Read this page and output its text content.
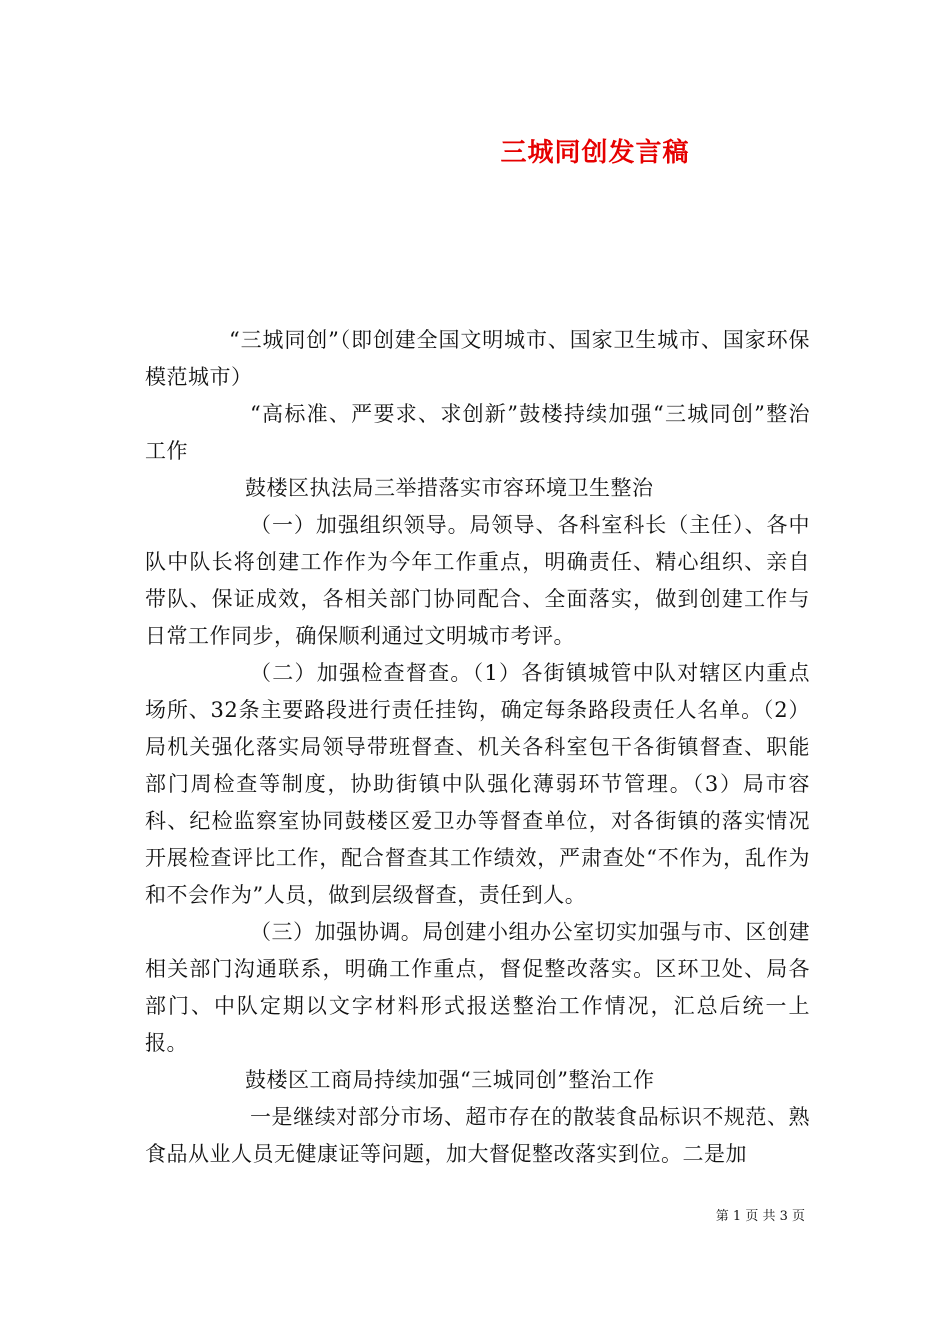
三城同创发言稿

“三城同创”（即创建全国文明城市、国家卫生城市、国家环保模范城市）

“高标准、严要求、求创新”鼓楼持续加强“三城同创”整治工作

鼓楼区执法局三举措落实市容环境卫生整治

（一）加强组织领导。局领导、各科室科长（主任）、各中队中队长将创建工作作为今年工作重点，明确责任、精心组织、亲自带队、保证成效，各相关部门协同配合、全面落实，做到创建工作与日常工作同步，确保顺利通过文明城市考评。

（二）加强检查督查。（1）各街镇城管中队对辖区内重点场所、32条主要路段进行责任挂钩，确定每条路段责任人名单。（2）局机关强化落实局领导带班督查、机关各科室包干各街镇督查、职能部门周检查等制度，协助街镇中队强化薄弱环节管理。（3）局市容科、纪检监察室协同鼓楼区爱卫办等督查单位，对各街镇的落实情况开展检查评比工作，配合督查其工作绩效，严肃查处“不作为，乱作为和不会作为”人员，做到层级督查，责任到人。

（三）加强协调。局创建小组办公室切实加强与市、区创建相关部门沟通联系，明确工作重点，督促整改落实。区环卫处、局各部门、中队定期以文字材料形式报送整治工作情况，汇总后统一上报。

鼓楼区工商局持续加强“三城同创”整治工作

一是继续对部分市场、超市存在的散装食品标识不规范、熟食品从业人员无健康证等问题，加大督促整改落实到位。二是加

第 1 页 共 3 页
